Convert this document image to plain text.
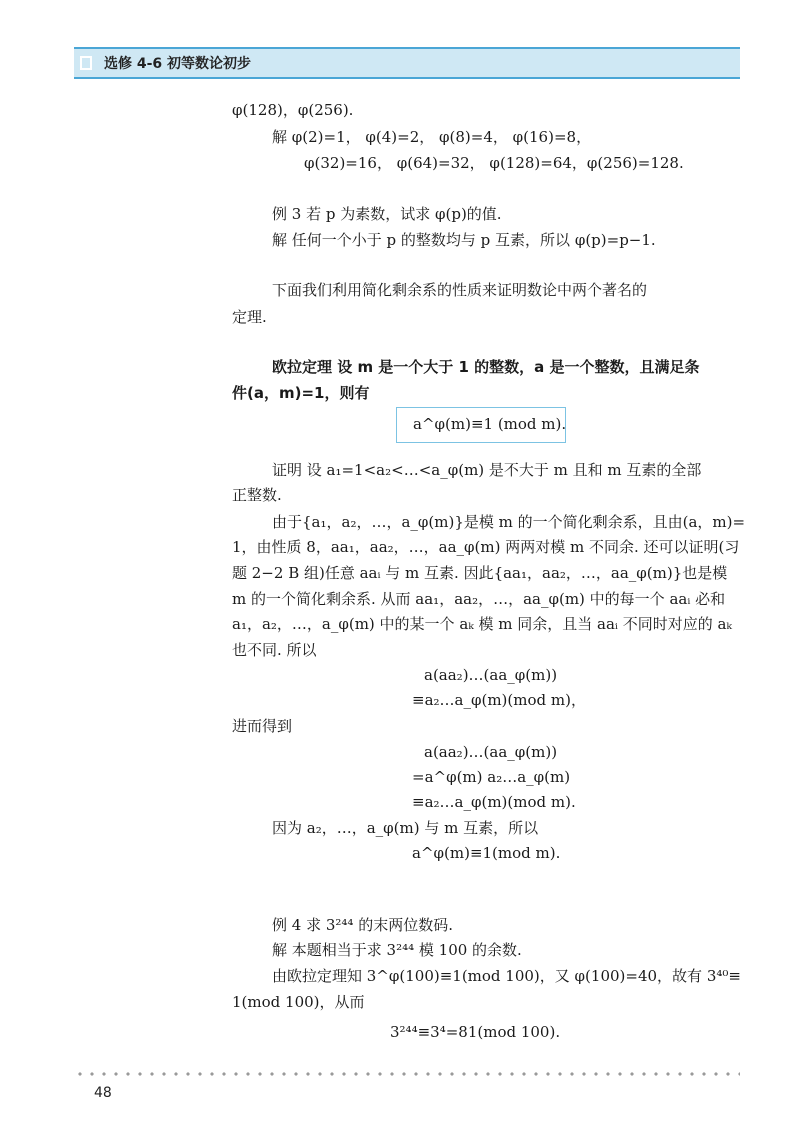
选修 4-6 初等数论初步
φ(128)，φ(256).
解 φ(2)=1， φ(4)=2， φ(8)=4， φ(16)=8，
φ(32)=16， φ(64)=32， φ(128)=64，φ(256)=128.
例 3 若 p 为素数，试求 φ(p)的值.
解 任何一个小于 p 的整数均与 p 互素，所以 φ(p)=p−1.
下面我们利用简化剩余系的性质来证明数论中两个著名的
定理.
欧拉定理 设 m 是一个大于 1 的整数，a 是一个整数，且满足条
件(a，m)=1，则有
a^φ(m)≡1 (mod m).
证明 设 a₁=1<a₂<…<a_φ(m) 是不大于 m 且和 m 互素的全部
正整数.
由于{a₁，a₂，…，a_φ(m)}是模 m 的一个简化剩余系，且由(a，m)=
1，由性质 8，aa₁，aa₂，…，aa_φ(m) 两两对模 m 不同余. 还可以证明(习
题 2−2 B 组)任意 aaᵢ 与 m 互素. 因此{aa₁，aa₂，…，aa_φ(m)}也是模
m 的一个简化剩余系. 从而 aa₁，aa₂，…，aa_φ(m) 中的每一个 aaᵢ 必和
a₁，a₂，…，a_φ(m) 中的某一个 aₖ 模 m 同余，且当 aaᵢ 不同时对应的 aₖ
也不同. 所以
a(aa₂)…(aa_φ(m))
≡a₂…a_φ(m)(mod m)，
进而得到
a(aa₂)…(aa_φ(m))
=a^φ(m) a₂…a_φ(m)
≡a₂…a_φ(m)(mod m).
因为 a₂，…，a_φ(m) 与 m 互素，所以
a^φ(m)≡1(mod m).
例 4 求 3²⁴⁴ 的末两位数码.
解 本题相当于求 3²⁴⁴ 模 100 的余数.
由欧拉定理知 3^φ(100)≡1(mod 100)，又 φ(100)=40，故有 3⁴⁰≡
1(mod 100)，从而
3²⁴⁴≡3⁴=81(mod 100).
48
